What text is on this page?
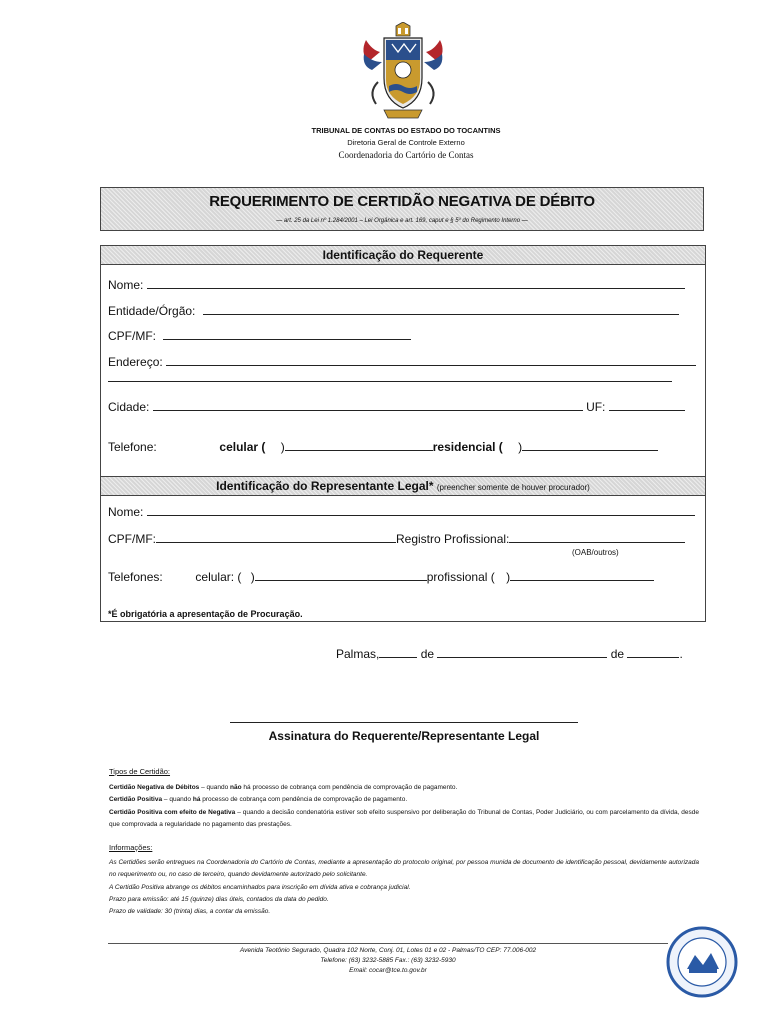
TRIBUNAL DE CONTAS DO ESTADO DO TOCANTINS
Diretoria Geral de Controle Externo
Coordenadoria do Cartório de Contas
REQUERIMENTO DE CERTIDÃO NEGATIVA DE DÉBITO
— art. 25 da Lei nº 1.284/2001 – Lei Orgânica e art. 169, caput e § 5º do Regimento Interno —
Identificação do Requerente
Nome:
Entidade/Órgão:
CPF/MF:
Endereço:
Cidade:	UF:
Telefone:	celular ( )	residencial ( )
Identificação do Representante Legal* (preencher somente de houver procurador)
Nome:
CPF/MF:	Registro Profissional:
(OAB/outros)
Telefones:	celular: ( )	profissional ( )
*É obrigatória a apresentação de Procuração.
Palmas,	de	de	.
Assinatura do Requerente/Representante Legal
Tipos de Certidão:
Certidão Negativa de Débitos – quando não há processo de cobrança com pendência de comprovação de pagamento.
Certidão Positiva – quando há processo de cobrança com pendência de comprovação de pagamento.
Certidão Positiva com efeito de Negativa – quando a decisão condenatória estiver sob efeito suspensivo por deliberação do Tribunal de Contas, Poder Judiciário, ou com parcelamento da dívida, desde que comprovada a regularidade no pagamento das prestações.
Informações:
As Certidões serão entregues na Coordenadoria do Cartório de Contas, mediante a apresentação do protocolo original, por pessoa munida de documento de identificação pessoal, devidamente autorizada no requerimento ou, no caso de terceiro, quando devidamente autorizado pelo solicitante.
A Certidão Positiva abrange os débitos encaminhados para inscrição em dívida ativa e cobrança judicial.
Prazo para emissão: até 15 (quinze) dias úteis, contados da data do pedido.
Prazo de validade: 30 (trinta) dias, a contar da emissão.
Avenida Teotônio Segurado, Quadra 102 Norte, Conj. 01, Lotes 01 e 02 - Palmas/TO CEP: 77.006-002
Telefone: (63) 3232-5885 Fax.: (63) 3232-5930
Email: cocar@tce.to.gov.br
